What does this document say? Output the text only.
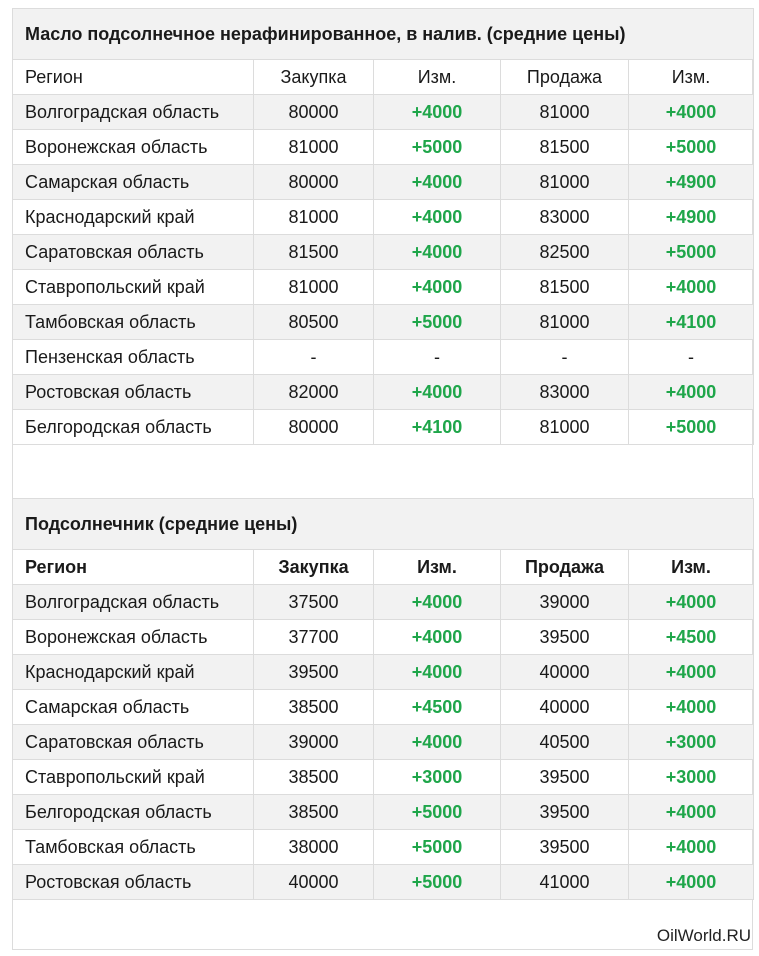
Масло подсолнечное нерафинированное, в налив. (средние цены)				
Регион	Закупка	Изм.	Продажа	Изм.
Волгоградская область	80000	+4000	81000	+4000
Воронежская область	81000	+5000	81500	+5000
Самарская область	80000	+4000	81000	+4900
Краснодарский край	81000	+4000	83000	+4900
Саратовская область	81500	+4000	82500	+5000
Ставропольский край	81000	+4000	81500	+4000
Тамбовская область	80500	+5000	81000	+4100
Пензенская область	-	-	-	-
Ростовская область	82000	+4000	83000	+4000
Белгородская область	80000	+4100	81000	+5000
Подсолнечник (средние цены)				
Регион	Закупка	Изм.	Продажа	Изм.
Волгоградская область	37500	+4000	39000	+4000
Воронежская область	37700	+4000	39500	+4500
Краснодарский край	39500	+4000	40000	+4000
Самарская область	38500	+4500	40000	+4000
Саратовская область	39000	+4000	40500	+3000
Ставропольский край	38500	+3000	39500	+3000
Белгородская область	38500	+5000	39500	+4000
Тамбовская область	38000	+5000	39500	+4000
Ростовская область	40000	+5000	41000	+4000
OilWorld.RU
